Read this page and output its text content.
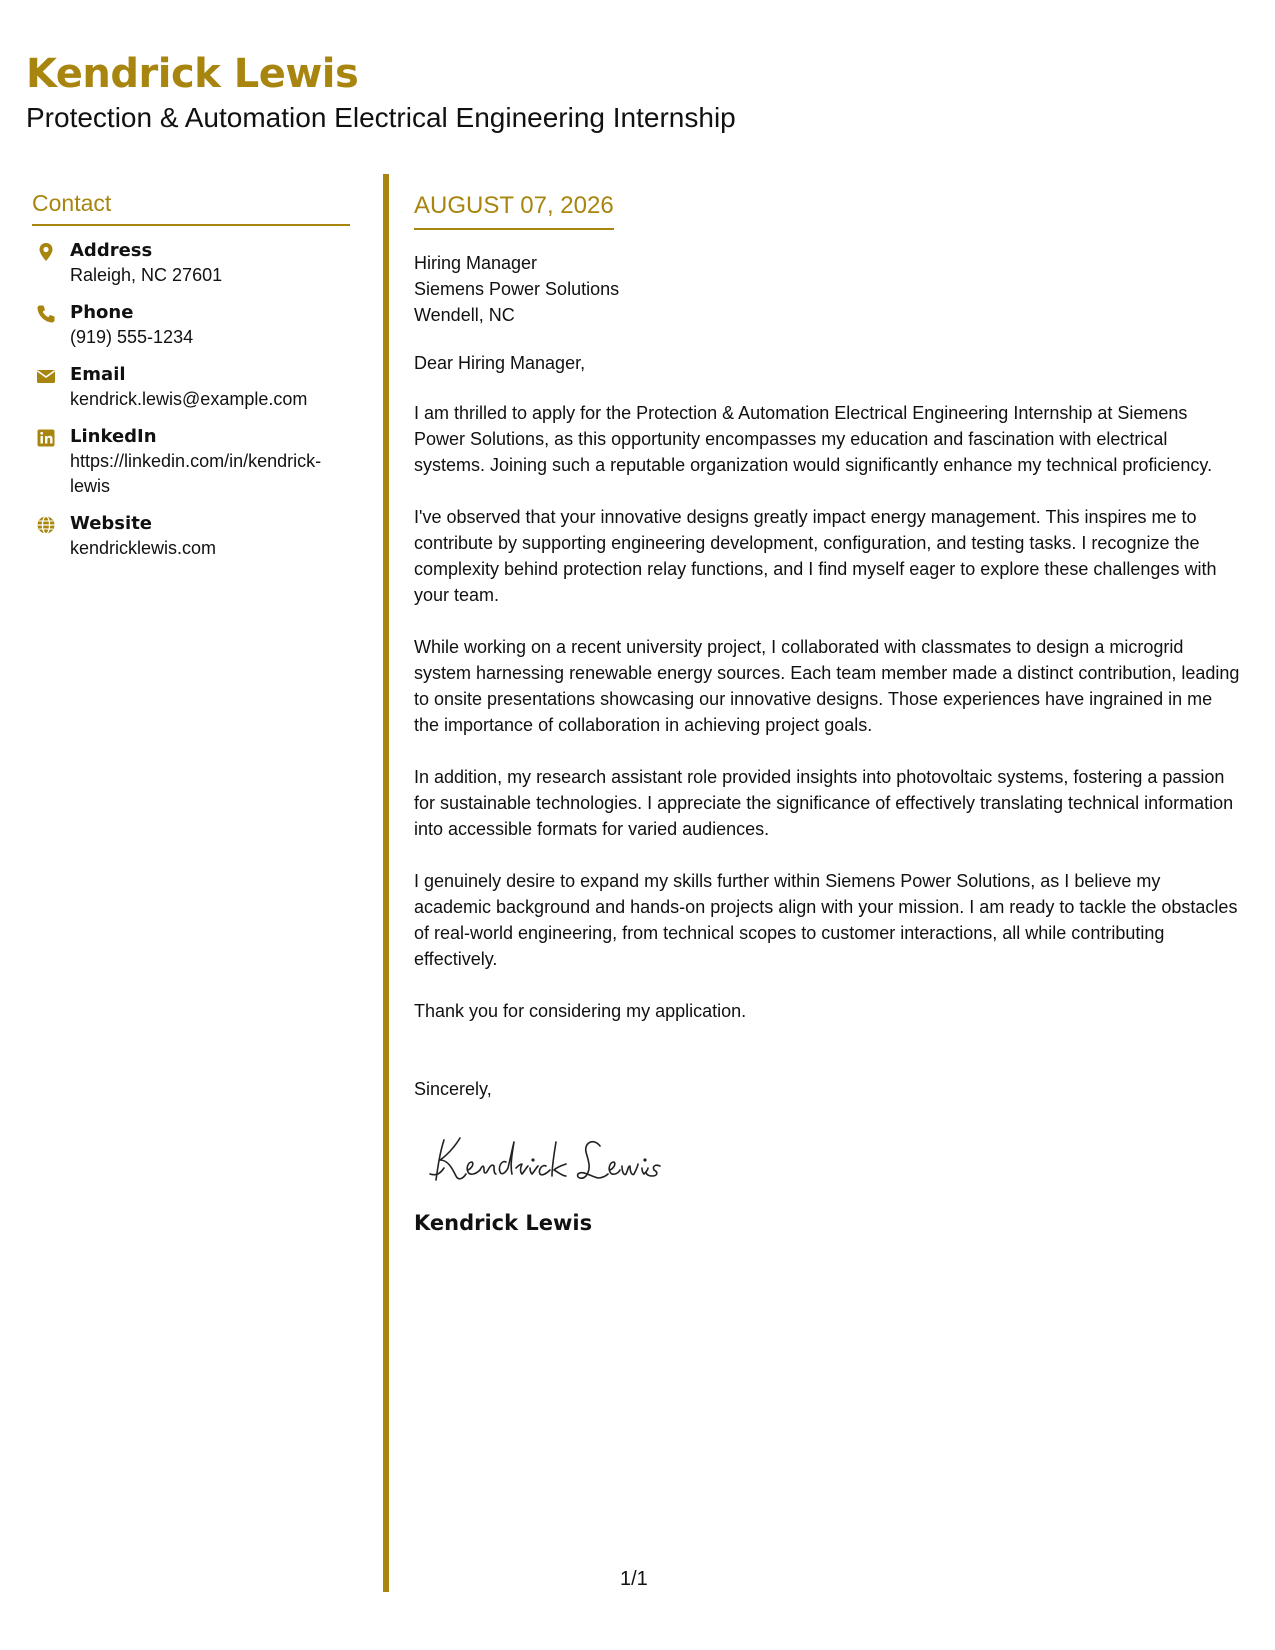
Kendrick Lewis
Protection & Automation Electrical Engineering Internship
Contact
Address
Raleigh, NC 27601
Phone
(919) 555-1234
Email
kendrick.lewis@example.com
LinkedIn
https://linkedin.com/in/kendrick-lewis
Website
kendricklewis.com
AUGUST 07, 2026
Hiring Manager
Siemens Power Solutions
Wendell, NC
Dear Hiring Manager,

I am thrilled to apply for the Protection & Automation Electrical Engineering Internship at Siemens Power Solutions, as this opportunity encompasses my education and fascination with electrical systems. Joining such a reputable organization would significantly enhance my technical proficiency.

I've observed that your innovative designs greatly impact energy management. This inspires me to contribute by supporting engineering development, configuration, and testing tasks. I recognize the complexity behind protection relay functions, and I find myself eager to explore these challenges with your team.

While working on a recent university project, I collaborated with classmates to design a microgrid system harnessing renewable energy sources. Each team member made a distinct contribution, leading to onsite presentations showcasing our innovative designs. Those experiences have ingrained in me the importance of collaboration in achieving project goals.

In addition, my research assistant role provided insights into photovoltaic systems, fostering a passion for sustainable technologies. I appreciate the significance of effectively translating technical information into accessible formats for varied audiences.

I genuinely desire to expand my skills further within Siemens Power Solutions, as I believe my academic background and hands-on projects align with your mission. I am ready to tackle the obstacles of real-world engineering, from technical scopes to customer interactions, all while contributing effectively.

Thank you for considering my application.

Sincerely,
Kendrick Lewis
1/1
